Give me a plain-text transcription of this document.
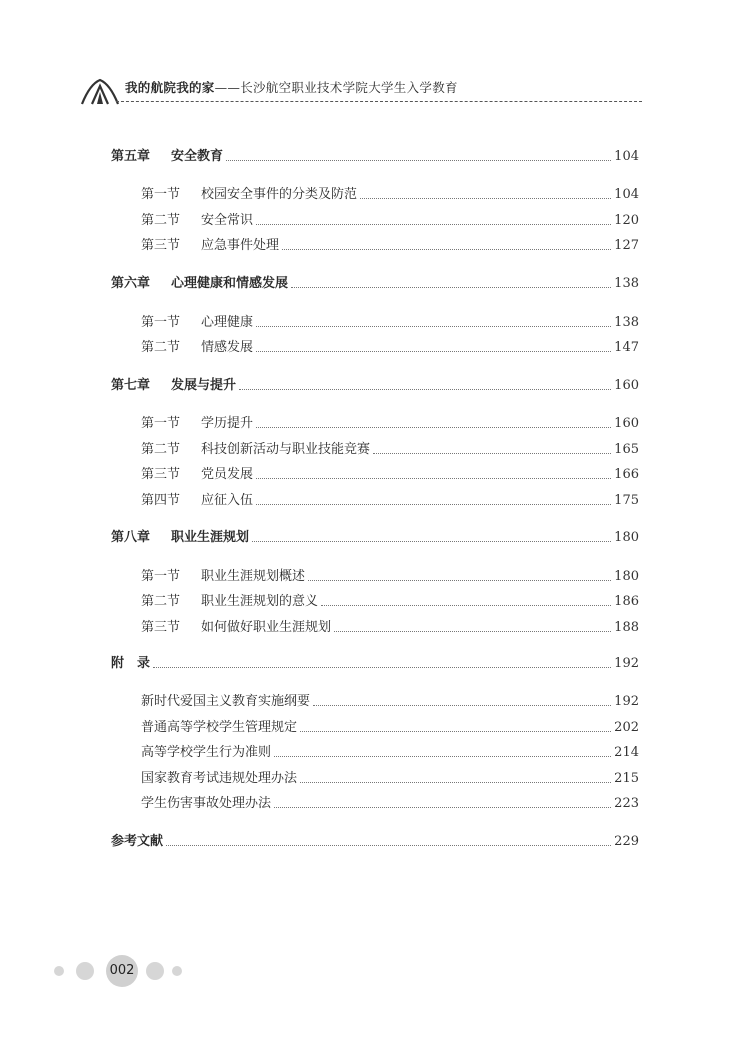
我的航院我的家——长沙航空职业技术学院大学生入学教育
第五章 安全教育	104
第一节 校园安全事件的分类及防范	104
第二节 安全常识	120
第三节 应急事件处理	127
第六章 心理健康和情感发展	138
第一节 心理健康	138
第二节 情感发展	147
第七章 发展与提升	160
第一节 学历提升	160
第二节 科技创新活动与职业技能竞赛	165
第三节 党员发展	166
第四节 应征入伍	175
第八章 职业生涯规划	180
第一节 职业生涯规划概述	180
第二节 职业生涯规划的意义	186
第三节 如何做好职业生涯规划	188
附　录	192
新时代爱国主义教育实施纲要	192
普通高等学校学生管理规定	202
高等学校学生行为准则	214
国家教育考试违规处理办法	215
学生伤害事故处理办法	223
参考文献	229
002
